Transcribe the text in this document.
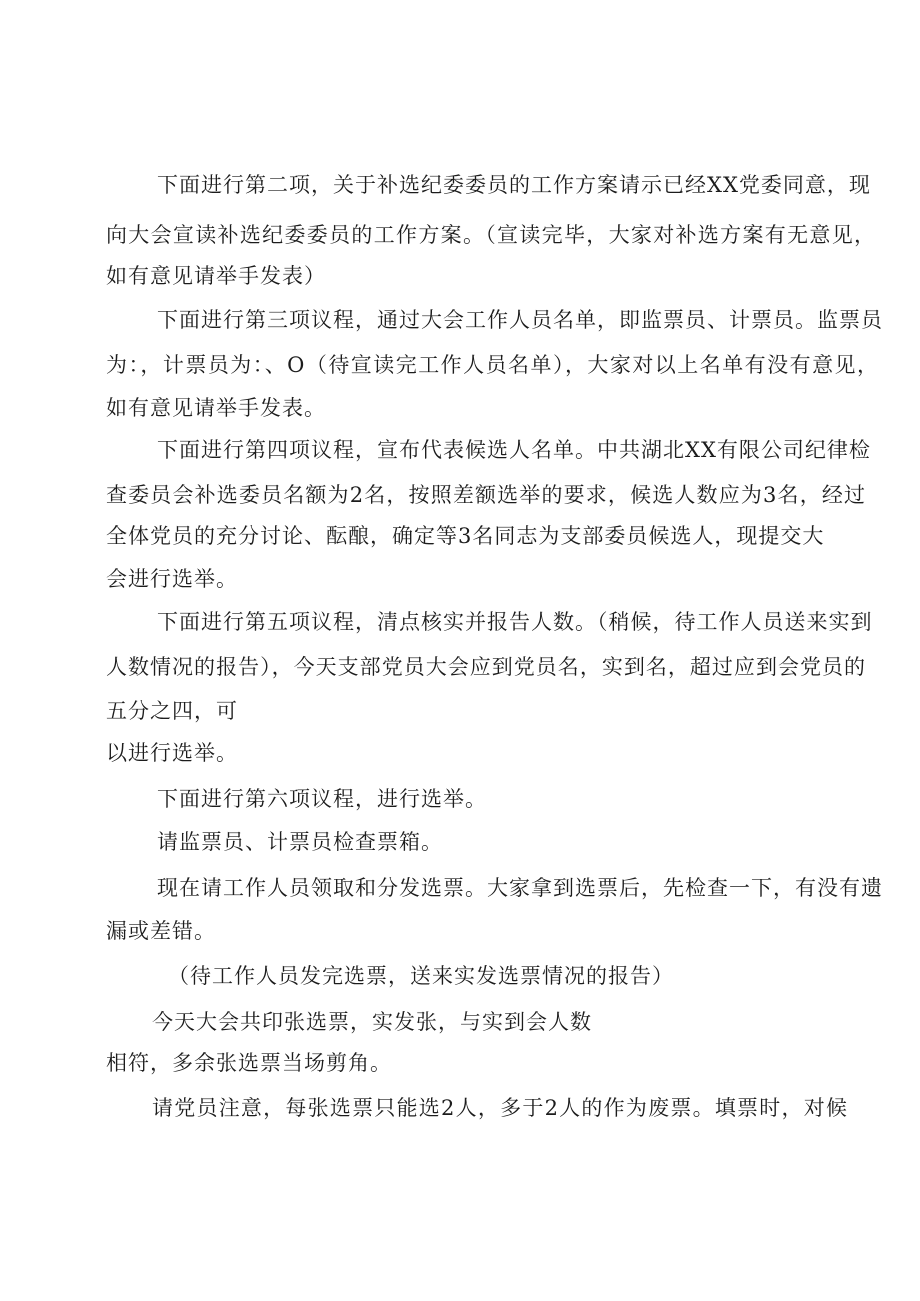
下面进行第二项，关于补选纪委委员的工作方案请示已经XX党委同意，现
向大会宣读补选纪委委员的工作方案。（宣读完毕，大家对补选方案有无意见，
如有意见请举手发表）
下面进行第三项议程，通过大会工作人员名单，即监票员、计票员。监票员
为：，计票员为：、O（待宣读完工作人员名单），大家对以上名单有没有意见，
如有意见请举手发表。
下面进行第四项议程，宣布代表候选人名单。中共湖北XX有限公司纪律检
查委员会补选委员名额为2名，按照差额选举的要求，候选人数应为3名，经过
全体党员的充分讨论、酝酿，确定等3名同志为支部委员候选人，现提交大
会进行选举。
下面进行第五项议程，清点核实并报告人数。（稍候，待工作人员送来实到
人数情况的报告），今天支部党员大会应到党员名，实到名，超过应到会党员的
五分之四，可
以进行选举。
下面进行第六项议程，进行选举。
请监票员、计票员检查票箱。
现在请工作人员领取和分发选票。大家拿到选票后，先检查一下，有没有遗
漏或差错。
（待工作人员发完选票，送来实发选票情况的报告）
今天大会共印张选票，实发张，与实到会人数
相符，多余张选票当场剪角。
请党员注意，每张选票只能选2人，多于2人的作为废票。填票时，对候
